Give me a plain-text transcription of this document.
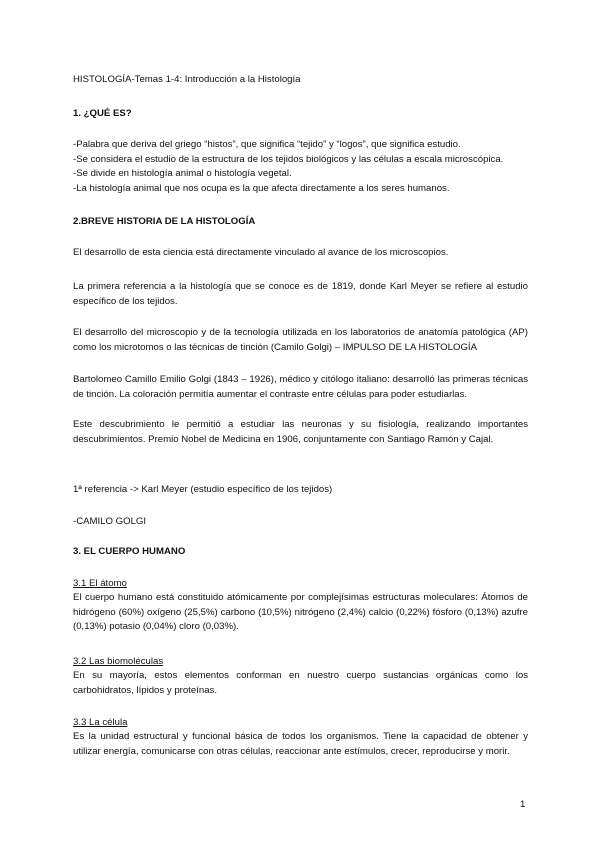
HISTOLOGÍA-Temas 1-4: Introducción a la Histología

1. ¿QUÉ ES?

-Palabra que deriva del griego “histos”, que significa “tejido” y “logos”, que significa estudio.
-Se considera el estudio de la estructura de los tejidos biológicos y las células a escala microscópica.
-Se divide en histología animal o histología vegetal.
-La histología animal que nos ocupa es la que afecta directamente a los seres humanos.

2.BREVE HISTORIA DE LA HISTOLOGÍA

El desarrollo de esta ciencia está directamente vinculado al avance de los microscopios.

La primera referencia a la histología que se conoce es de 1819, donde Karl Meyer se refiere al estudio específico de los tejidos.

El desarrollo del microscopio y de la tecnología utilizada en los laboratorios de anatomía patológica (AP) como los microtomos o las técnicas de tinción (Camilo Golgi) – IMPULSO DE LA HISTOLOGÍA

Bartolomeo Camillo Emilio Golgi (1843 – 1926), médico y citólogo italiano: desarrolló las primeras técnicas de tinción. La coloración permitía aumentar el contraste entre células para poder estudiarlas.

Este descubrimiento le permitió a estudiar las neuronas y su fisiología, realizando importantes descubrimientos. Premio Nobel de Medicina en 1906, conjuntamente con Santiago Ramón y Cajal.

1ª referencia -> Karl Meyer (estudio específico de los tejidos)

-CAMILO GOLGI

3. EL CUERPO HUMANO

3.1 El átomo

El cuerpo humano está constituido atómicamente por complejísimas estructuras moleculares: Átomos de hidrógeno (60%) oxígeno (25,5%) carbono (10,5%) nitrógeno (2,4%) calcio (0,22%) fósforo (0,13%) azufre (0,13%) potasio (0,04%) cloro (0,03%).

3.2 Las biomoléculas

En su mayoría, estos elementos conforman en nuestro cuerpo sustancias orgánicas como los carbohidratos, lípidos y proteínas.

3.3 La célula

Es la unidad estructural y funcional básica de todos los organismos. Tiene la capacidad de obtener y utilizar energía, comunicarse con otras células, reaccionar ante estímulos, crecer, reproducirse y morir.

1
